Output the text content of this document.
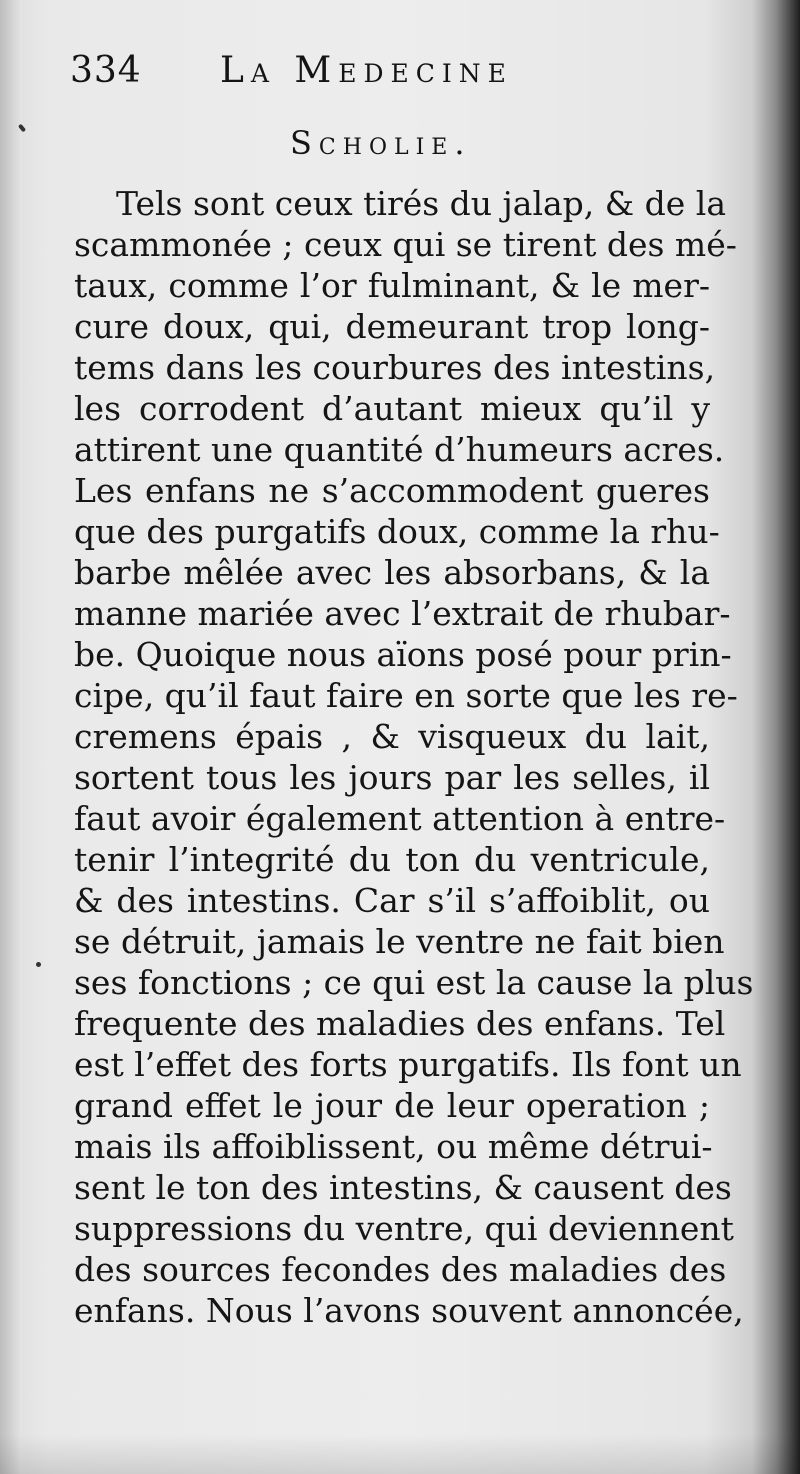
334 La Medecine
Scholie.
Tels sont ceux tirés du jalap, & de la
scammonée ; ceux qui se tirent des mé-
taux, comme l’or fulminant, & le mer-
cure doux, qui, demeurant trop long-
tems dans les courbures des intestins,
les corrodent d’autant mieux qu’il y
attirent une quantité d’humeurs acres.
Les enfans ne s’accommodent gueres
que des purgatifs doux, comme la rhu-
barbe mêlée avec les absorbans, & la
manne mariée avec l’extrait de rhubar-
be. Quoique nous aïons posé pour prin-
cipe, qu’il faut faire en sorte que les re-
cremens épais , & visqueux du lait,
sortent tous les jours par les selles, il
faut avoir également attention à entre-
tenir l’integrité du ton du ventricule,
& des intestins. Car s’il s’affoiblit, ou
se détruit, jamais le ventre ne fait bien
ses fonctions ; ce qui est la cause la plus
frequente des maladies des enfans. Tel
est l’effet des forts purgatifs. Ils font un
grand effet le jour de leur operation ;
mais ils affoiblissent, ou même détrui-
sent le ton des intestins, & causent des
suppressions du ventre, qui deviennent
des sources fecondes des maladies des
enfans. Nous l’avons souvent annoncée,
